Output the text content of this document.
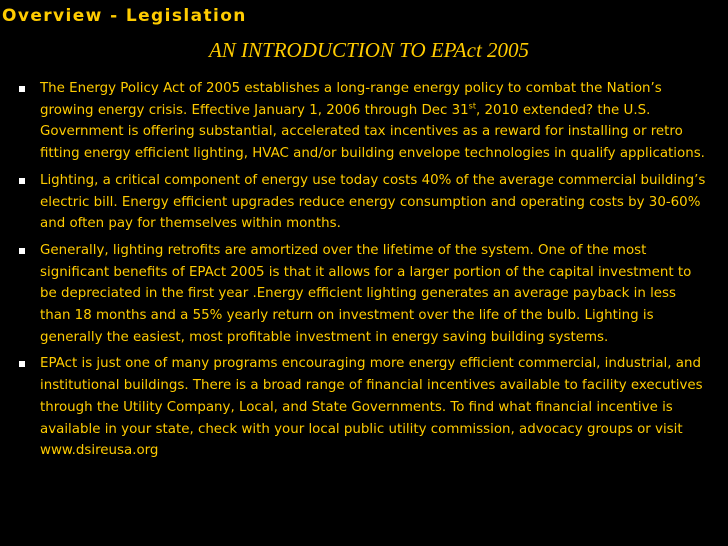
Overview - Legislation
AN INTRODUCTION TO EPAct 2005
The Energy Policy Act of 2005 establishes a long-range energy policy to combat the Nation’s growing energy crisis. Effective January 1, 2006 through Dec 31st, 2010 extended? the U.S. Government is offering substantial, accelerated tax incentives as a reward for installing or retro fitting energy efficient lighting, HVAC and/or building envelope technologies in qualify applications.
Lighting, a critical component of energy use today costs 40% of the average commercial building’s electric bill. Energy efficient upgrades reduce energy consumption and operating costs by 30-60% and often pay for themselves within months.
Generally, lighting retrofits are amortized over the lifetime of the system. One of the most significant benefits of EPAct 2005 is that it allows for a larger portion of the capital investment to be depreciated in the first year .Energy efficient lighting generates an average payback in less than 18 months and a 55% yearly return on investment over the life of the bulb. Lighting is generally the easiest, most profitable investment in energy saving building systems.
EPAct is just one of many programs encouraging more energy efficient commercial, industrial, and institutional buildings. There is a broad range of financial incentives available to facility executives through the Utility Company, Local, and State Governments. To find what financial incentive is available in your state, check with your local public utility commission, advocacy groups or visit www.dsireusa.org
